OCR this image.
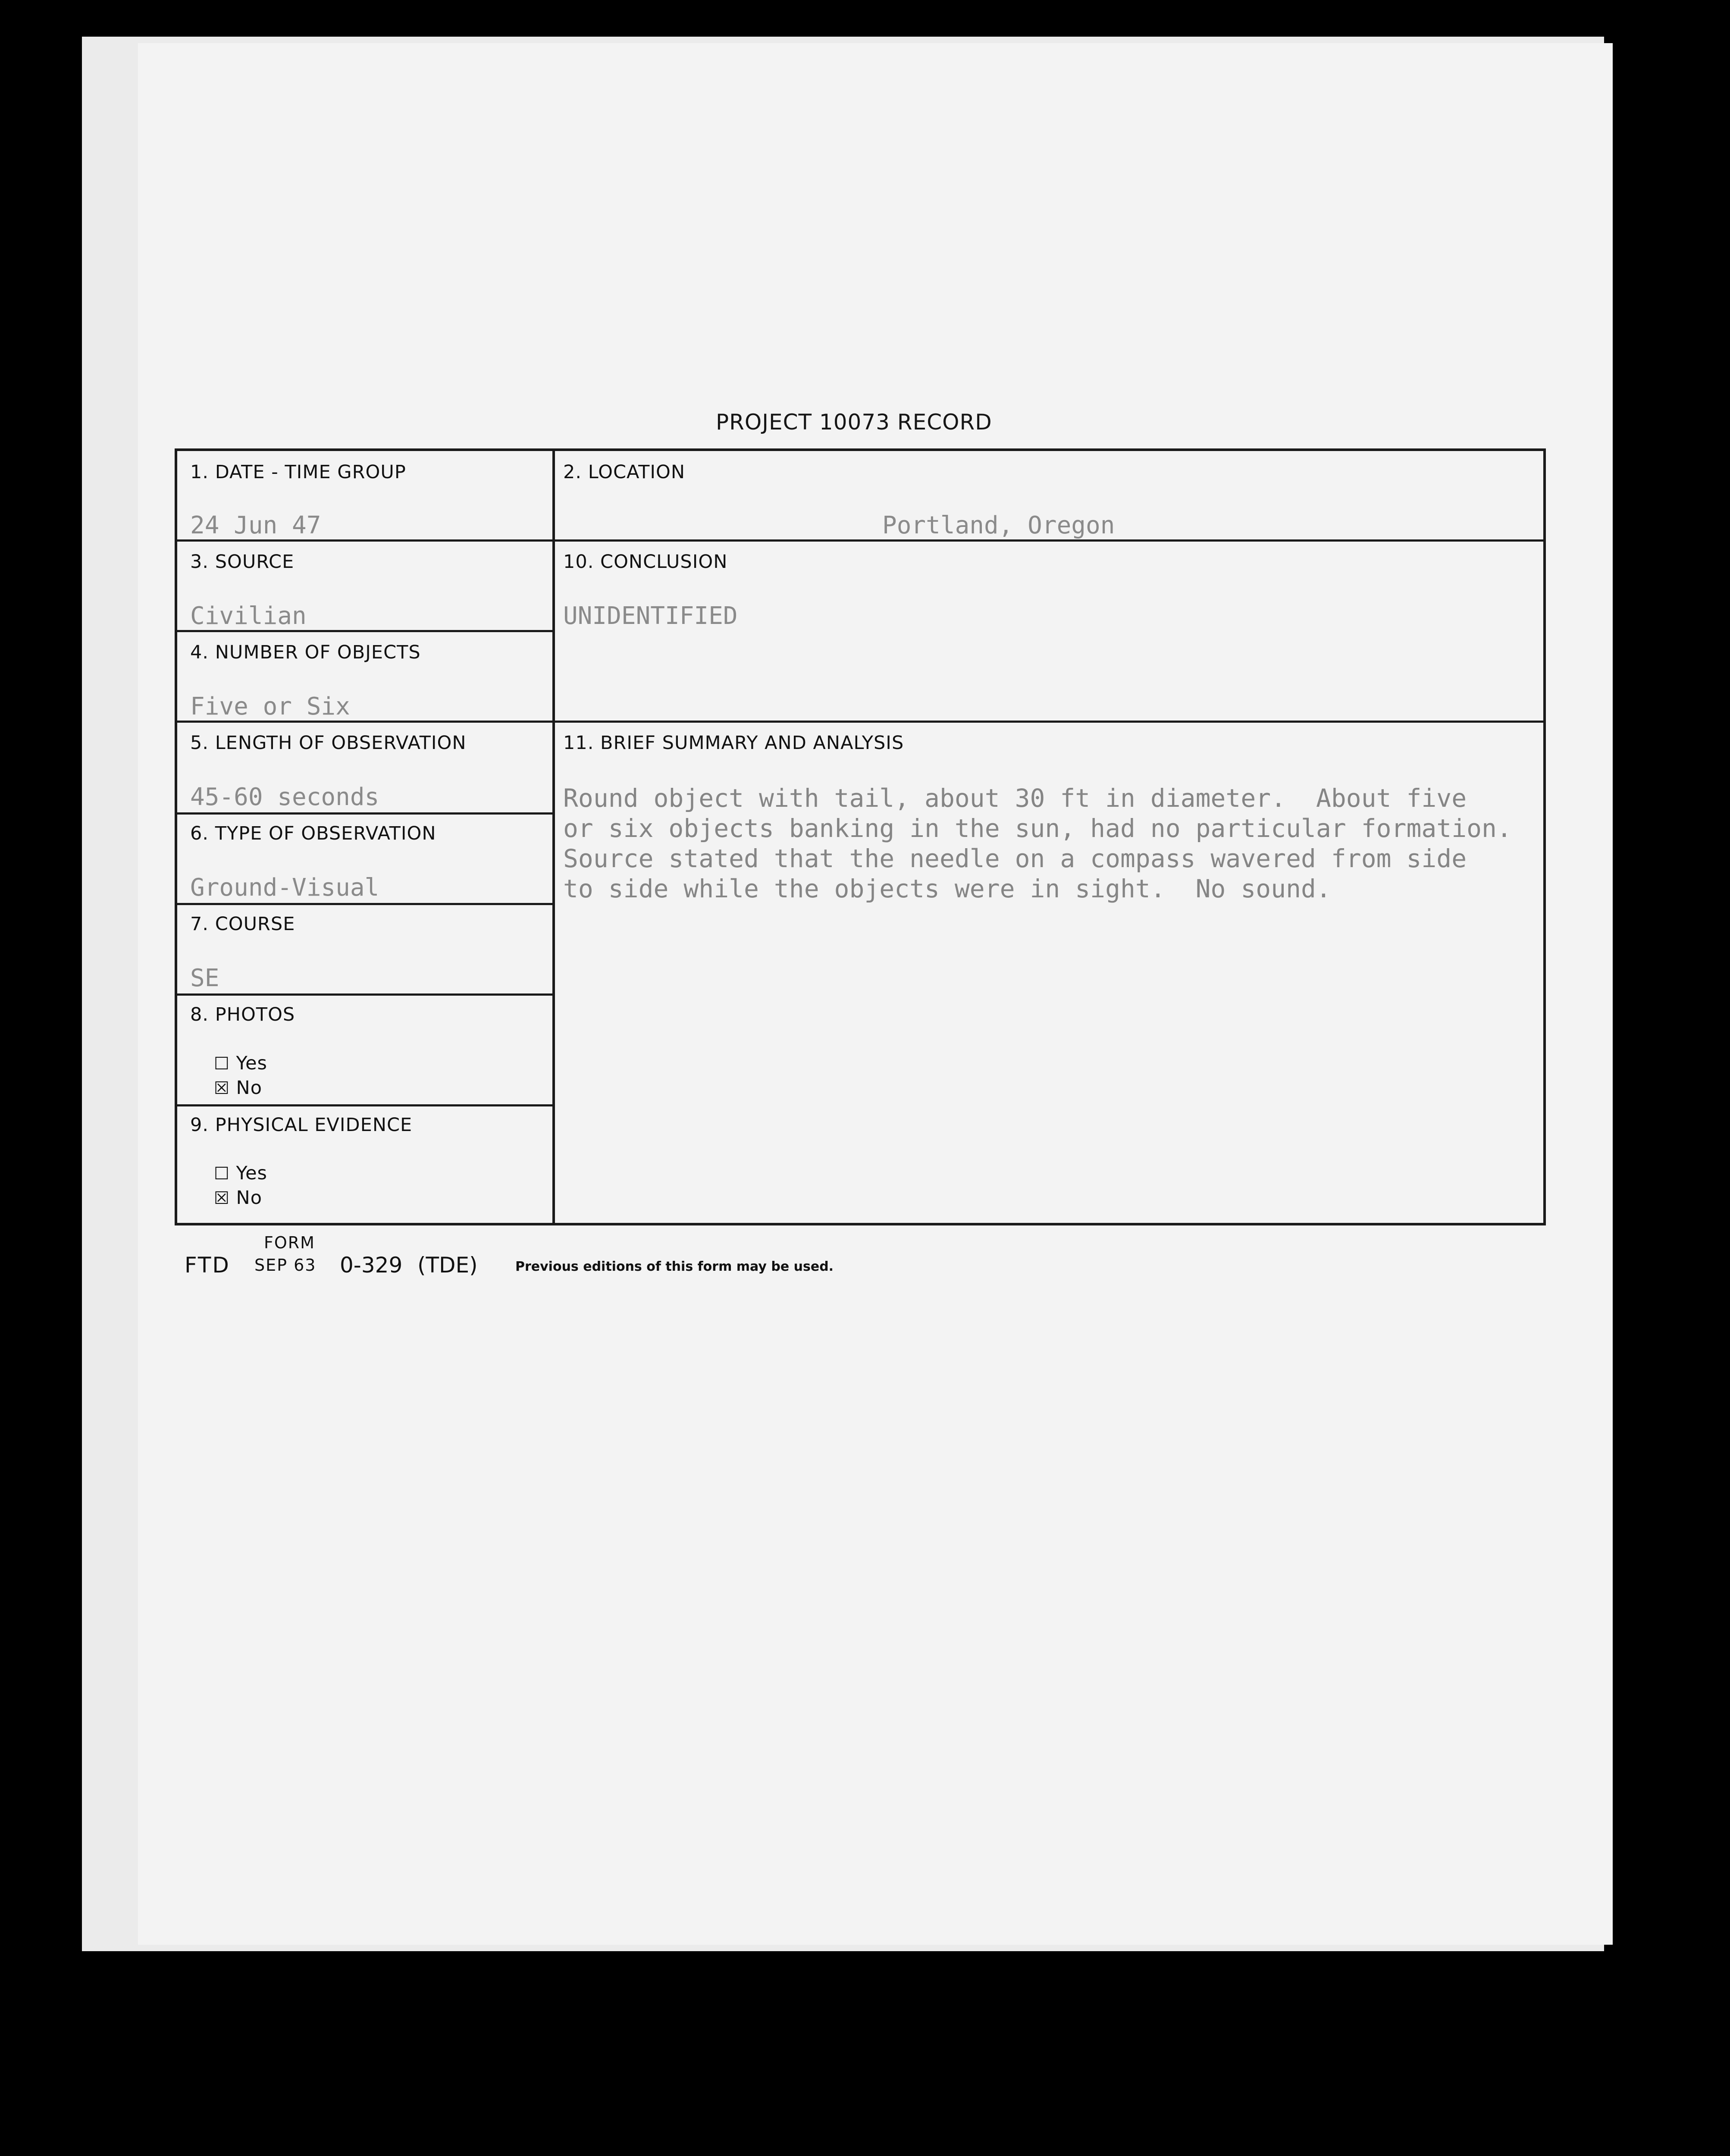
PROJECT 10073 RECORD
1. DATE - TIME GROUP
24 Jun 47
2. LOCATION
Portland, Oregon
3. SOURCE
Civilian
10. CONCLUSION
UNIDENTIFIED
4. NUMBER OF OBJECTS
Five or Six
5. LENGTH OF OBSERVATION
45-60 seconds
11. BRIEF SUMMARY AND ANALYSIS
Round object with tail, about 30 ft in diameter.  About five
or six objects banking in the sun, had no particular formation.
Source stated that the needle on a compass wavered from side
to side while the objects were in sight.  No sound.
6. TYPE OF OBSERVATION
Ground-Visual
7. COURSE
SE
8. PHOTOS
☐ Yes
☒ No
9. PHYSICAL EVIDENCE
☐ Yes
☒ No
FORM
FTD SEP 63 0-329 (TDE)	Previous editions of this form may be used.
